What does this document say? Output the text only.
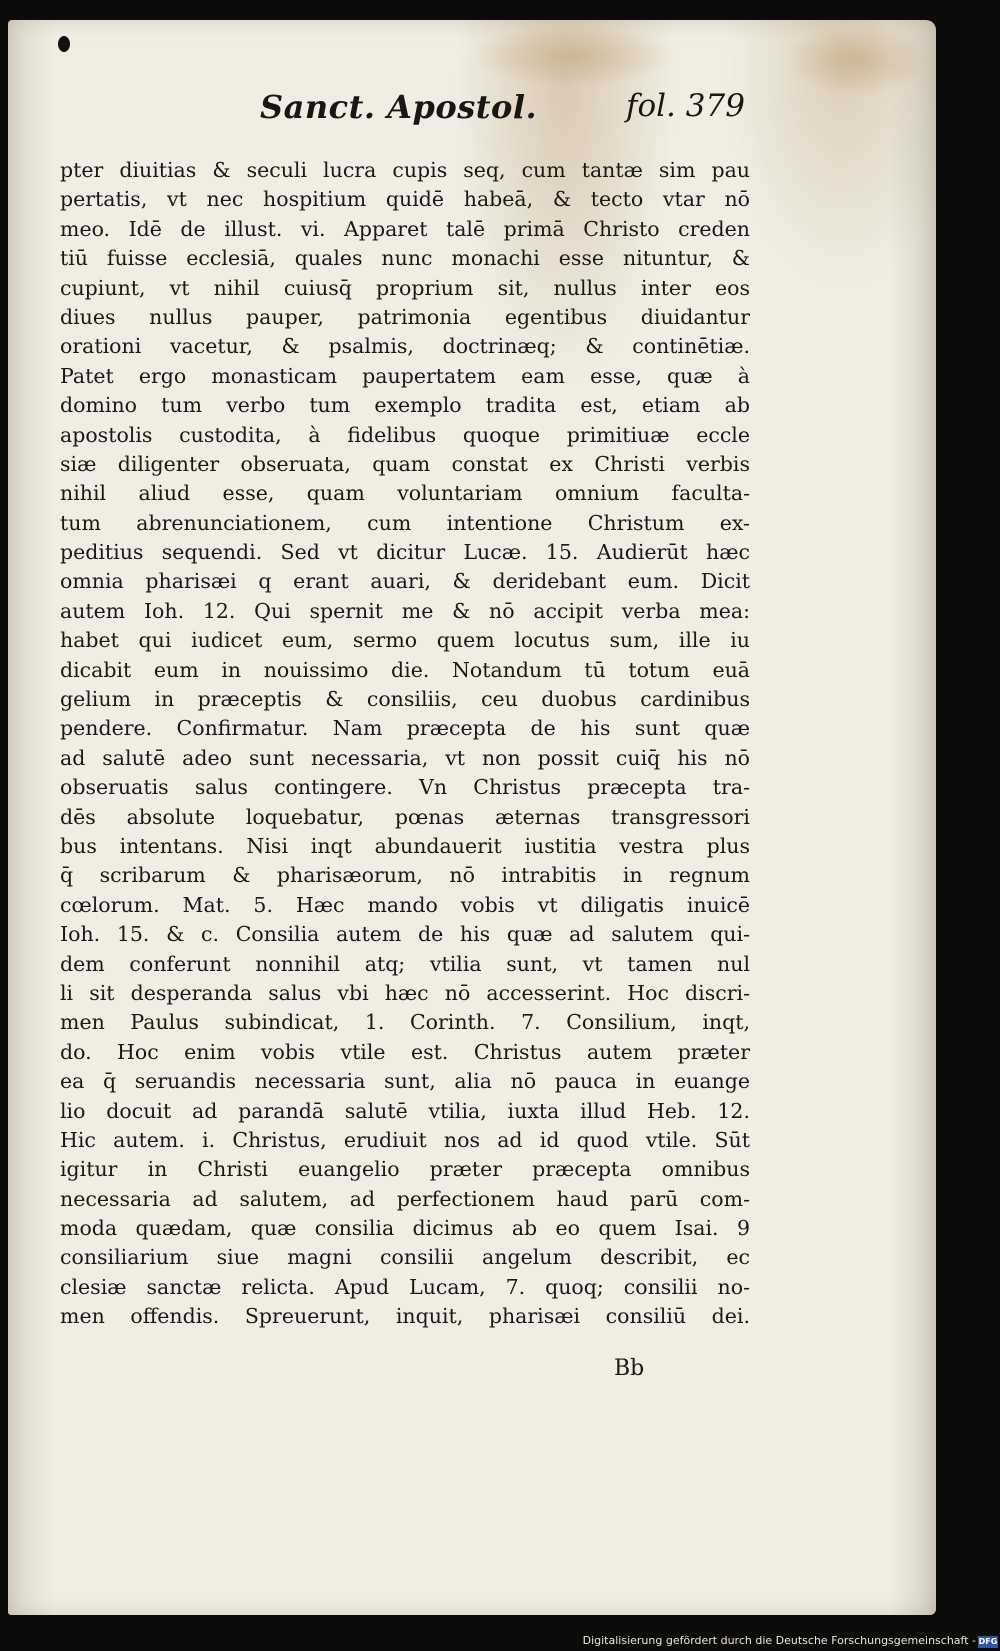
Sanct. Apostol.	fol. 379
pter diuitias & seculi lucra cupis seq, cum tantæ sim pau
pertatis, vt nec hospitium quidē habeā, & tecto vtar nō
meo. Idē de illust. vi. Apparet talē primā Christo creden
tiū fuisse ecclesiā, quales nunc monachi esse nituntur, &
cupiunt, vt nihil cuiusq̄ proprium sit, nullus inter eos
diues nullus pauper, patrimonia egentibus diuidantur
orationi vacetur, & psalmis, doctrinæq; & continētiæ.
Patet ergo monasticam paupertatem eam esse, quæ à
domino tum verbo tum exemplo tradita est, etiam ab
apostolis custodita, à fidelibus quoque primitiuæ eccle
siæ diligenter obseruata, quam constat ex Christi verbis
nihil aliud esse, quam voluntariam omnium faculta-
tum abrenunciationem, cum intentione Christum ex-
peditius sequendi. Sed vt dicitur Lucæ. 15. Audierūt hæc
omnia pharisæi q erant auari, & deridebant eum. Dicit
autem Ioh. 12. Qui spernit me & nō accipit verba mea:
habet qui iudicet eum, sermo quem locutus sum, ille iu
dicabit eum in nouissimo die. Notandum tū totum euā
gelium in præceptis & consiliis, ceu duobus cardinibus
pendere. Confirmatur. Nam præcepta de his sunt quæ
ad salutē adeo sunt necessaria, vt non possit cuiq̄ his nō
obseruatis salus contingere. Vn Christus præcepta tra-
dēs absolute loquebatur, pœnas æternas transgressori
bus intentans. Nisi inqt abundauerit iustitia vestra plus
q̄ scribarum & pharisæorum, nō intrabitis in regnum
cœlorum. Mat. 5. Hæc mando vobis vt diligatis inuicē
Ioh. 15. & c. Consilia autem de his quæ ad salutem qui-
dem conferunt nonnihil atq; vtilia sunt, vt tamen nul
li sit desperanda salus vbi hæc nō accesserint. Hoc discri-
men Paulus subindicat, 1. Corinth. 7. Consilium, inqt,
do. Hoc enim vobis vtile est. Christus autem præter
ea q̄ seruandis necessaria sunt, alia nō pauca in euange
lio docuit ad parandā salutē vtilia, iuxta illud Heb. 12.
Hic autem. i. Christus, erudiuit nos ad id quod vtile. Sūt
igitur in Christi euangelio præter præcepta omnibus
necessaria ad salutem, ad perfectionem haud parū com-
moda quædam, quæ consilia dicimus ab eo quem Isai. 9
consiliarium siue magni consilii angelum describit, ec
clesiæ sanctæ relicta. Apud Lucam, 7. quoq; consilii no-
men offendis. Spreuerunt, inquit, pharisæi consiliū dei.
Bb
Digitalisierung gefördert durch die Deutsche Forschungsgemeinschaft - DFG
